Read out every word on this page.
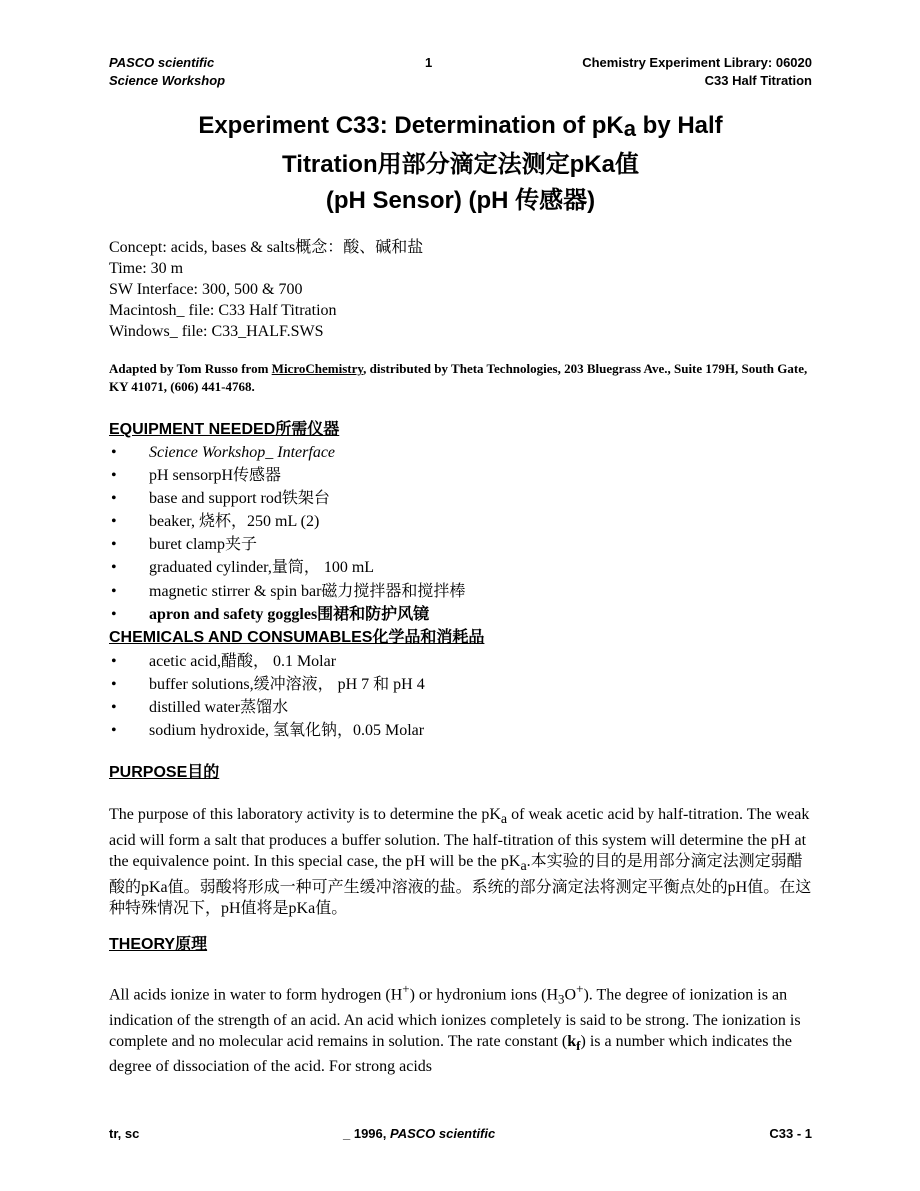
PASCO scientific
Science Workshop
1	Chemistry Experiment Library: 06020
C33 Half Titration
Experiment C33: Determination of $pK_a$ by Half
Titration用部分滴定法测定pKa值
(pH Sensor) (pH 传感器)
Concept: acids, bases & salts概念：酸、碱和盐
Time: 30 m
SW Interface: 300, 500 & 700
Macintosh_ file: C33 Half Titration
Windows_ file: C33_HALF.SWS
Adapted by Tom Russo from MicroChemistry, distributed by Theta Technologies, 203 Bluegrass Ave., Suite 179H, South Gate, KY 41071, (606) 441-4768.
EQUIPMENT NEEDED所需仪器
• Science Workshop_ Interface
• pH sensorpH传感器
• base and support rod铁架台
• beaker, 烧杯，250 mL (2)
• buret clamp夹子
• graduated cylinder,量筒， 100 mL
• magnetic stirrer & spin bar磁力搅拌器和搅拌棒
• apron and safety goggles围裙和防护风镜
CHEMICALS AND CONSUMABLES化学品和消耗品
• acetic acid,醋酸， 0.1 Molar
• buffer solutions,缓冲溶液， pH 7 和 pH 4
• distilled water蒸馏水
• sodium hydroxide, 氢氧化钠，0.05 Molar
PURPOSE目的

The purpose of this laboratory activity is to determine the $pK_a$ of weak acetic acid by half-titration. The weak acid will form a salt that produces a buffer solution. The half-titration of this system will determine the pH at the equivalence point. In this special case, the pH will be the $pK_a$.本实验的目的是用部分滴定法测定弱醋酸的pKa值。弱酸将形成一种可产生缓冲溶液的盐。系统的部分滴定法将测定平衡点处的pH值。在这种特殊情况下，pH值将是pKa值。

THEORY原理

All acids ionize in water to form hydrogen (H+) or hydronium ions $(H_3O^+)$. The degree of ionization is an indication of the strength of an acid. An acid which ionizes completely is said to be strong. The ionization is complete and no molecular acid remains in solution. The rate constant $(k_f)$ is a number which indicates the degree of dissociation of the acid. For strong acids

tr, sc	_ 1996, PASCO scientific	C33 - 1
